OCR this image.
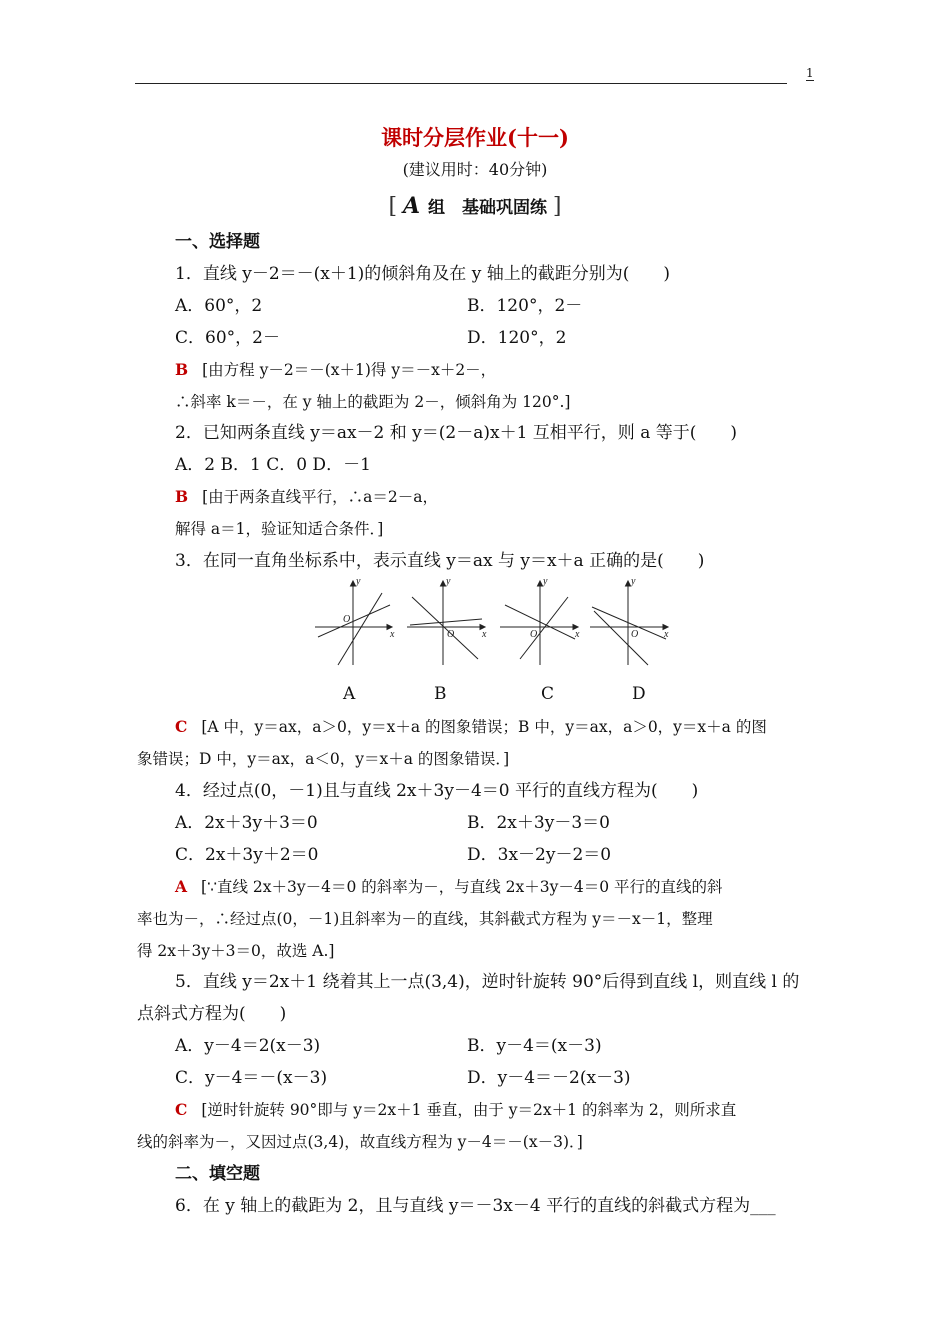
1
课时分层作业(十一)
(建议用时：40分钟)
[ A 组　基础巩固练 ]
一、选择题
1．直线 y－2＝－(x＋1)的倾斜角及在 y 轴上的截距分别为(　　)
A．60°，2	B．120°，2－
C．60°，2－	D．120°，2
B [由方程 y－2＝－(x＋1)得 y＝－x＋2－，
∴斜率 k＝－，在 y 轴上的截距为 2－，倾斜角为 120°.]
2．已知两条直线 y＝ax－2 和 y＝(2－a)x＋1 互相平行，则 a 等于(　　)
A．2 B．1 C．0 D．－1
B [由于两条直线平行，∴a＝2－a，
解得 a＝1，验证知适合条件．]
3．在同一直角坐标系中，表示直线 y＝ax 与 y＝x＋a 正确的是(　　)
y
x
O
y
x
O
y
x
O
y
x
O
A	B	C	D
C [A 中，y＝ax，a＞0，y＝x＋a 的图象错误；B 中，y＝ax，a＞0，y＝x＋a 的图
象错误；D 中，y＝ax，a＜0，y＝x＋a 的图象错误．]
4．经过点(0，－1)且与直线 2x＋3y－4＝0 平行的直线方程为(　　)
A．2x＋3y＋3＝0	B．2x＋3y－3＝0
C．2x＋3y＋2＝0	D．3x－2y－2＝0
A [∵直线 2x＋3y－4＝0 的斜率为－，与直线 2x＋3y－4＝0 平行的直线的斜
率也为－，∴经过点(0，－1)且斜率为－的直线，其斜截式方程为 y＝－x－1，整理
得 2x＋3y＋3＝0，故选 A.]
5．直线 y＝2x＋1 绕着其上一点(3,4)，逆时针旋转 90°后得到直线 l，则直线 l 的
点斜式方程为(　　)
A．y－4＝2(x－3)	B．y－4＝(x－3)
C．y－4＝－(x－3)	D．y－4＝－2(x－3)
C [逆时针旋转 90°即与 y＝2x＋1 垂直，由于 y＝2x＋1 的斜率为 2，则所求直
线的斜率为－，又因过点(3,4)，故直线方程为 y－4＝－(x－3)．]
二、填空题
6．在 y 轴上的截距为 2，且与直线 y＝－3x－4 平行的直线的斜截式方程为___
